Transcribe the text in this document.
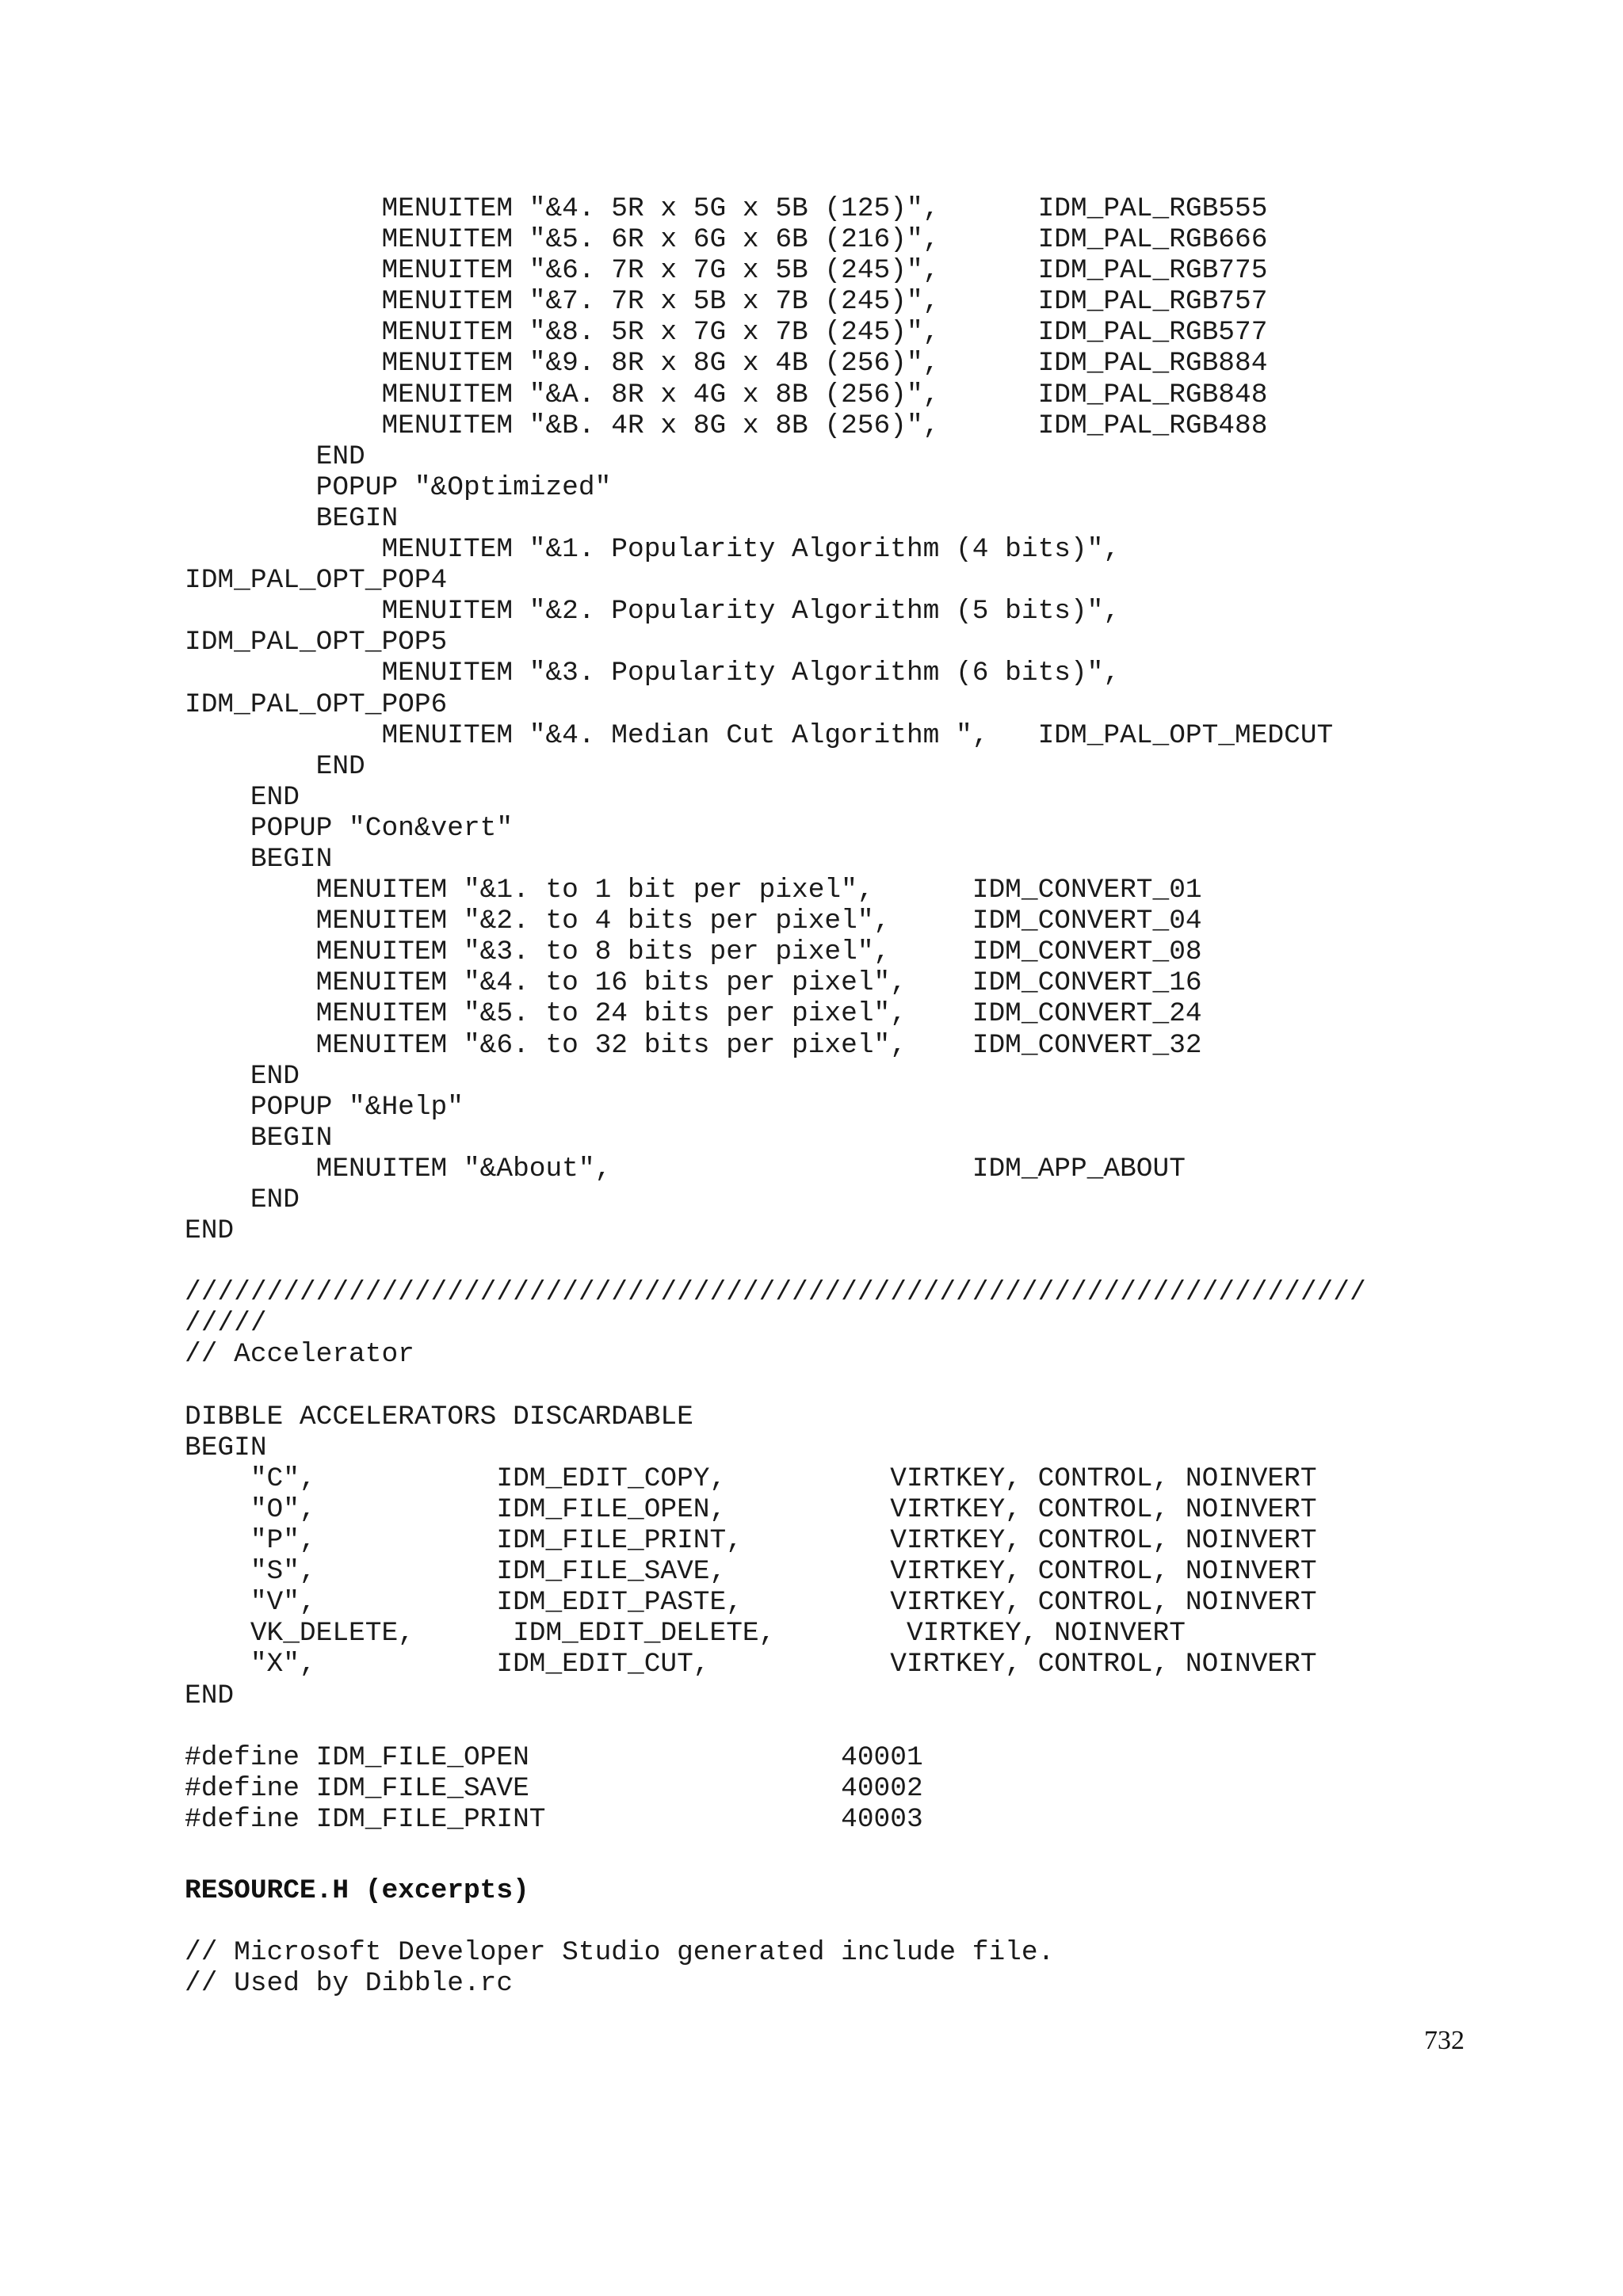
MENUITEM "&4. 5R x 5G x 5B (125)",      IDM_PAL_RGB555
MENUITEM "&5. 6R x 6G x 6B (216)",      IDM_PAL_RGB666
MENUITEM "&6. 7R x 7G x 5B (245)",      IDM_PAL_RGB775
MENUITEM "&7. 7R x 5B x 7B (245)",      IDM_PAL_RGB757
MENUITEM "&8. 5R x 7G x 7B (245)",      IDM_PAL_RGB577
MENUITEM "&9. 8R x 8G x 4B (256)",      IDM_PAL_RGB884
MENUITEM "&A. 8R x 4G x 8B (256)",      IDM_PAL_RGB848
MENUITEM "&B. 4R x 8G x 8B (256)",      IDM_PAL_RGB488
END
POPUP "&Optimized"
BEGIN
MENUITEM "&1. Popularity Algorithm (4 bits)",
IDM_PAL_OPT_POP4
MENUITEM "&2. Popularity Algorithm (5 bits)",
IDM_PAL_OPT_POP5
MENUITEM "&3. Popularity Algorithm (6 bits)",
IDM_PAL_OPT_POP6
MENUITEM "&4. Median Cut Algorithm ",   IDM_PAL_OPT_MEDCUT
END
END
POPUP "Con&vert"
BEGIN
MENUITEM "&1. to 1 bit per pixel",      IDM_CONVERT_01
MENUITEM "&2. to 4 bits per pixel",     IDM_CONVERT_04
MENUITEM "&3. to 8 bits per pixel",     IDM_CONVERT_08
MENUITEM "&4. to 16 bits per pixel",    IDM_CONVERT_16
MENUITEM "&5. to 24 bits per pixel",    IDM_CONVERT_24
MENUITEM "&6. to 32 bits per pixel",    IDM_CONVERT_32
END
POPUP "&Help"
BEGIN
MENUITEM "&About",                      IDM_APP_ABOUT
END
END
////////////////////////////////////////////////////////////////////////
/////
// Accelerator
DIBBLE ACCELERATORS DISCARDABLE
BEGIN
"C",           IDM_EDIT_COPY,          VIRTKEY, CONTROL, NOINVERT
"O",           IDM_FILE_OPEN,          VIRTKEY, CONTROL, NOINVERT
"P",           IDM_FILE_PRINT,         VIRTKEY, CONTROL, NOINVERT
"S",           IDM_FILE_SAVE,          VIRTKEY, CONTROL, NOINVERT
"V",           IDM_EDIT_PASTE,         VIRTKEY, CONTROL, NOINVERT
VK_DELETE,      IDM_EDIT_DELETE,        VIRTKEY, NOINVERT
"X",           IDM_EDIT_CUT,           VIRTKEY, CONTROL, NOINVERT
END
#define IDM_FILE_OPEN                   40001
#define IDM_FILE_SAVE                   40002
#define IDM_FILE_PRINT                  40003
RESOURCE.H (excerpts)
// Microsoft Developer Studio generated include file.
// Used by Dibble.rc
732
